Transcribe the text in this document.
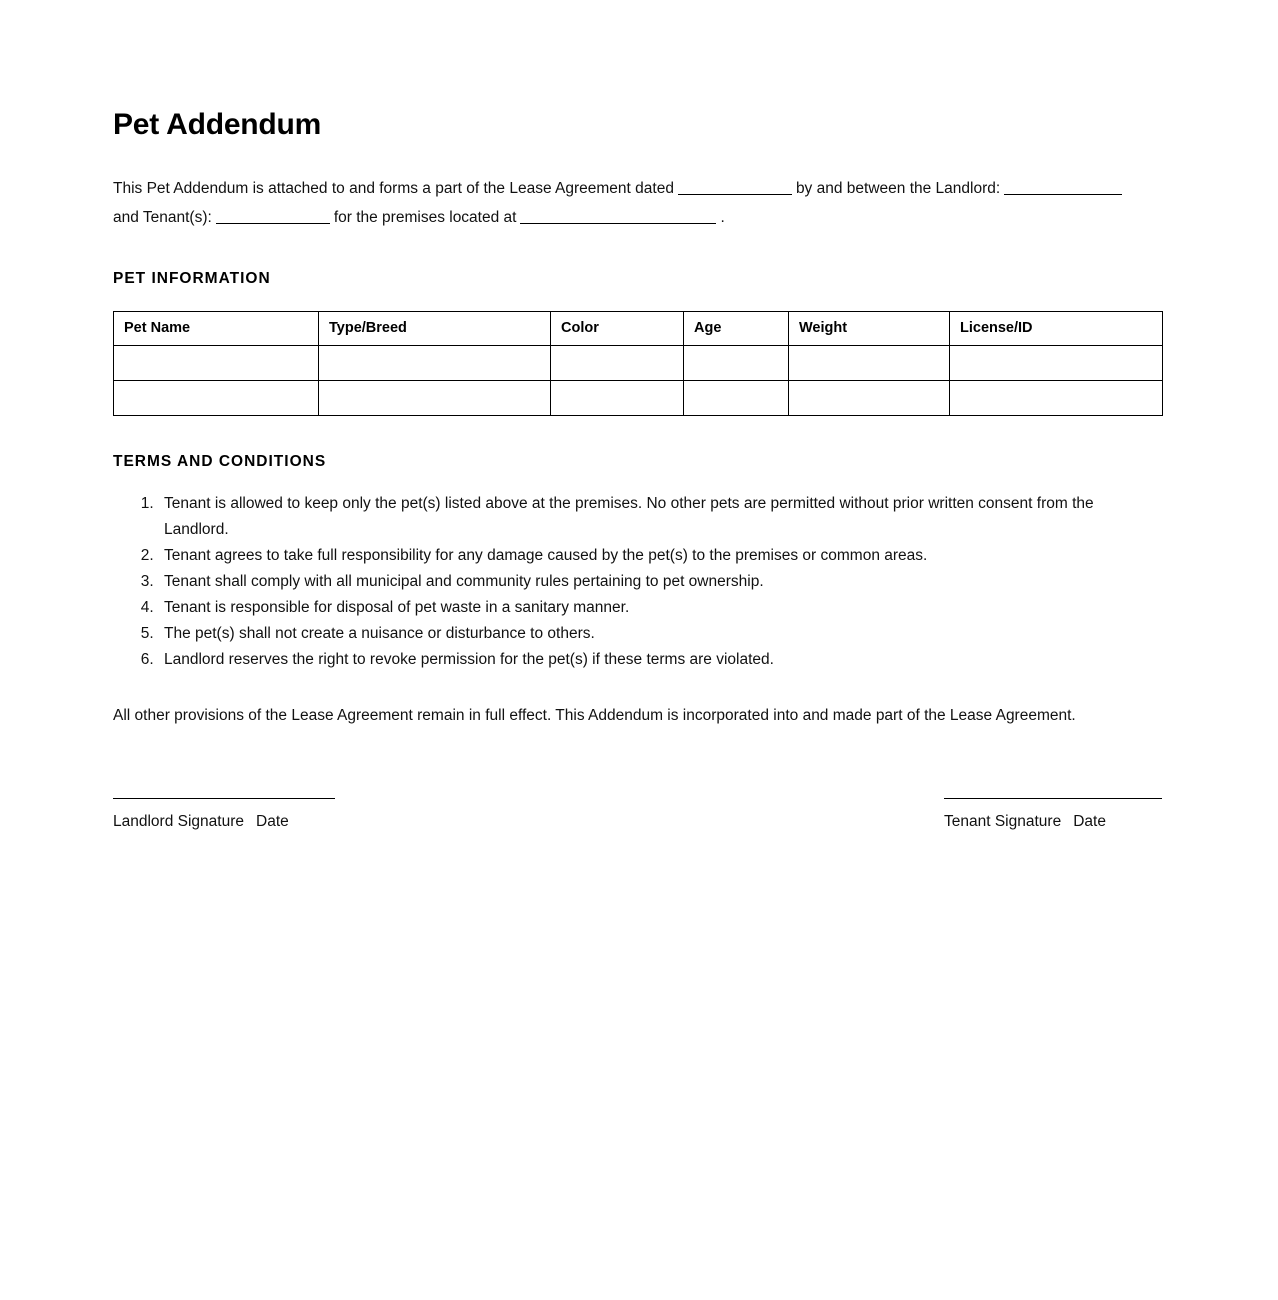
Pet Addendum

This Pet Addendum is attached to and forms a part of the Lease Agreement dated	by and between the Landlord:
and Tenant(s):	for the premises located at	.

PET INFORMATION
Pet Name	Type/Breed	Color	Age	Weight	License/ID

TERMS AND CONDITIONS
1. Tenant is allowed to keep only the pet(s) listed above at the premises. No other pets are permitted without prior written consent from the Landlord.
2. Tenant agrees to take full responsibility for any damage caused by the pet(s) to the premises or common areas.
3. Tenant shall comply with all municipal and community rules pertaining to pet ownership.
4. Tenant is responsible for disposal of pet waste in a sanitary manner.
5. The pet(s) shall not create a nuisance or disturbance to others.
6. Landlord reserves the right to revoke permission for the pet(s) if these terms are violated.

All other provisions of the Lease Agreement remain in full effect. This Addendum is incorporated into and made part of the Lease Agreement.

Landlord Signature Date	Tenant Signature Date
